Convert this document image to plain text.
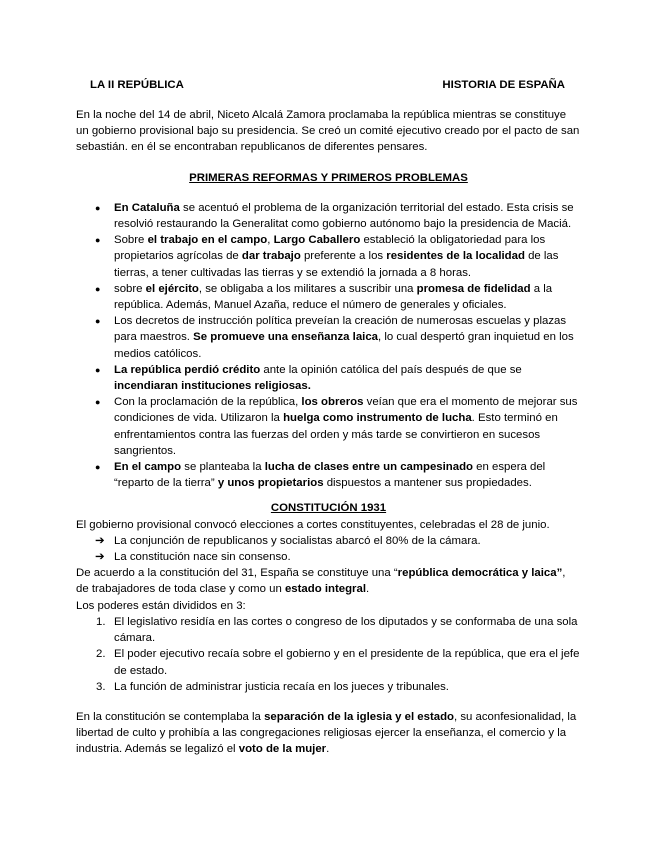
LA II REPÚBLICA	HISTORIA DE ESPAÑA

En la noche del 14 de abril, Niceto Alcalá Zamora proclamaba la república mientras se constituye un gobierno provisional bajo su presidencia. Se creó un comité ejecutivo creado por el pacto de san sebastián. en él se encontraban republicanos de diferentes pensares.

PRIMERAS REFORMAS Y PRIMEROS PROBLEMAS

● En Cataluña se acentuó el problema de la organización territorial del estado. Esta crisis se resolvió restaurando la Generalitat como gobierno autónomo bajo la presidencia de Maciá.
● Sobre el trabajo en el campo, Largo Caballero estableció la obligatoriedad para los propietarios agrícolas de dar trabajo preferente a los residentes de la localidad de las tierras, a tener cultivadas las tierras y se extendió la jornada a 8 horas.
● sobre el ejército, se obligaba a los militares a suscribir una promesa de fidelidad a la república. Además, Manuel Azaña, reduce el número de generales y oficiales.
● Los decretos de instrucción política preveían la creación de numerosas escuelas y plazas para maestros. Se promueve una enseñanza laica, lo cual despertó gran inquietud en los medios católicos.
● La república perdió crédito ante la opinión católica del país después de que se incendiaran instituciones religiosas.
● Con la proclamación de la república, los obreros veían que era el momento de mejorar sus condiciones de vida. Utilizaron la huelga como instrumento de lucha. Esto terminó en enfrentamientos contra las fuerzas del orden y más tarde se convirtieron en sucesos sangrientos.
● En el campo se planteaba la lucha de clases entre un campesinado en espera del “reparto de la tierra” y unos propietarios dispuestos a mantener sus propiedades.

CONSTITUCIÓN 1931

El gobierno provisional convocó elecciones a cortes constituyentes, celebradas el 28 de junio.

➔ La conjunción de republicanos y socialistas abarcó el 80% de la cámara.
➔ La constitución nace sin consenso.

De acuerdo a la constitución del 31, España se constituye una “república democrática y laica”, de trabajadores de toda clase y como un estado integral.

Los poderes están divididos en 3:

1. El legislativo residía en las cortes o congreso de los diputados y se conformaba de una sola cámara.
2. El poder ejecutivo recaía sobre el gobierno y en el presidente de la república, que era el jefe de estado.
3. La función de administrar justicia recaía en los jueces y tribunales.

En la constitución se contemplaba la separación de la iglesia y el estado, su aconfesionalidad, la libertad de culto y prohibía a las congregaciones religiosas ejercer la enseñanza, el comercio y la industria. Además se legalizó el voto de la mujer.
